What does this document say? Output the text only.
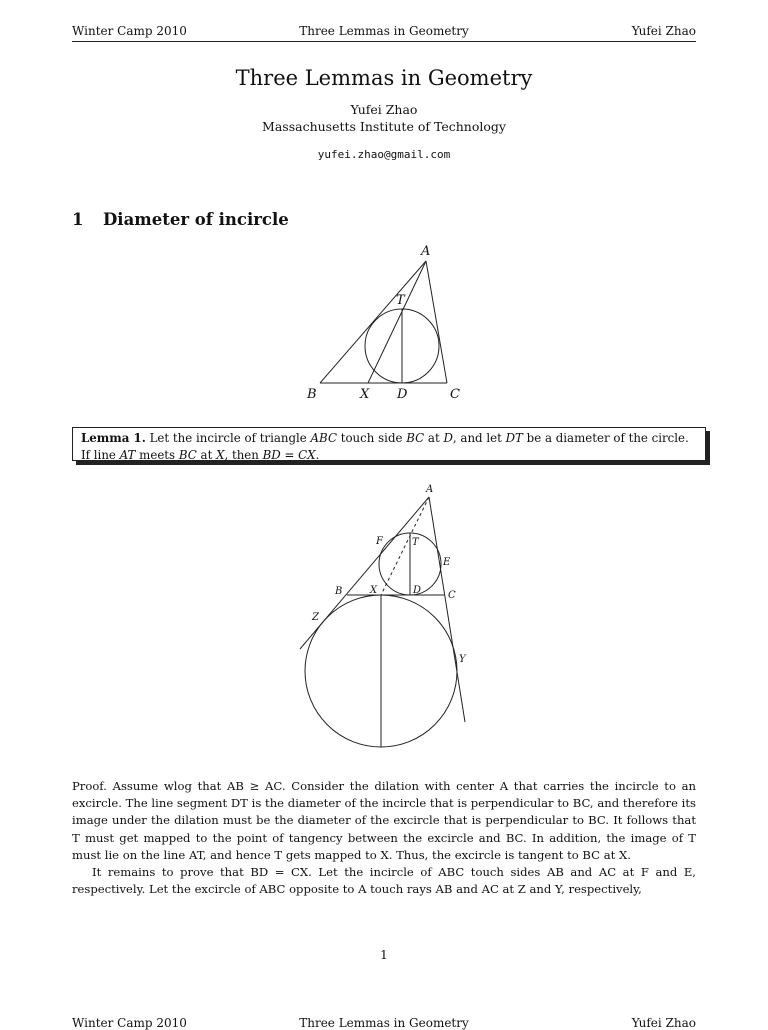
Winter Camp 2010	Three Lemmas in Geometry	Yufei Zhao
Three Lemmas in Geometry
Yufei Zhao
Massachusetts Institute of Technology
yufei.zhao@gmail.com
1 Diameter of incircle
A
T
B	X D	C
Lemma 1. Let the incircle of triangle ABC touch side BC at D, and let DT be a diameter of the circle.
If line AT meets BC at X, then BD = CX.
A
F	T
E
B	X	D	C
Z
Y
Proof. Assume wlog that AB ≥ AC. Consider the dilation with center A that carries the incircle to an excircle. The line segment DT is the diameter of the incircle that is perpendicular to BC, and therefore its image under the dilation must be the diameter of the excircle that is perpendicular to BC. It follows that T must get mapped to the point of tangency between the excircle and BC. In addition, the image of T must lie on the line AT, and hence T gets mapped to X. Thus, the excircle is tangent to BC at X.
It remains to prove that BD = CX. Let the incircle of ABC touch sides AB and AC at F and E, respectively. Let the excircle of ABC opposite to A touch rays AB and AC at Z and Y, respectively,
1
Winter Camp 2010	Three Lemmas in Geometry	Yufei Zhao
